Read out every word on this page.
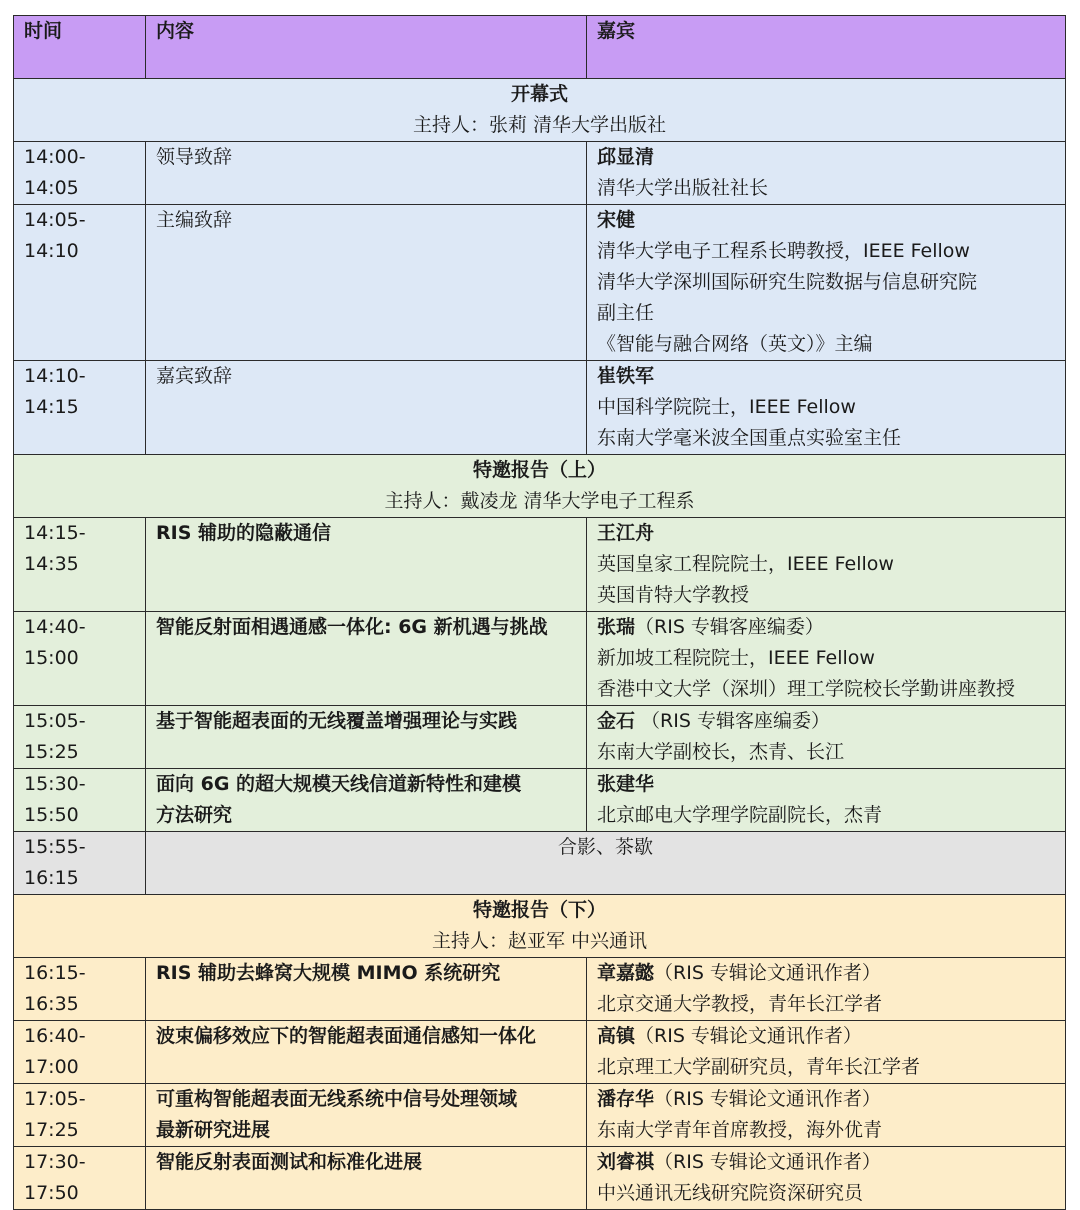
时间	内容	嘉宾

开幕式
主持人：张莉 清华大学出版社		

14:00-14:05	领导致辞	邱显清
清华大学出版社社长

14:05-14:10	主编致辞	宋健
清华大学电子工程系长聘教授，IEEE Fellow
清华大学深圳国际研究生院数据与信息研究院
副主任
《智能与融合网络（英文）》主编

14:10-14:15	嘉宾致辞	崔铁军
中国科学院院士，IEEE Fellow
东南大学毫米波全国重点实验室主任

特邀报告（上）
主持人：戴凌龙 清华大学电子工程系		

14:15-14:35	RIS 辅助的隐蔽通信	王江舟
英国皇家工程院院士，IEEE Fellow
英国肯特大学教授

14:40-15:00	智能反射面相遇通感一体化: 6G 新机遇与挑战	张瑞（RIS 专辑客座编委）
新加坡工程院院士，IEEE Fellow
香港中文大学（深圳）理工学院校长学勤讲座教授

15:05-15:25	基于智能超表面的无线覆盖增强理论与实践	金石 （RIS 专辑客座编委）
东南大学副校长，杰青、长江

15:30-15:50	面向 6G 的超大规模天线信道新特性和建模
方法研究	张建华
北京邮电大学理学院副院长，杰青

15:55-16:15	合影、茶歇	

特邀报告（下）
主持人：赵亚军 中兴通讯		

16:15-16:35	RIS 辅助去蜂窝大规模 MIMO 系统研究	章嘉懿（RIS 专辑论文通讯作者）
北京交通大学教授，青年长江学者

16:40-17:00	波束偏移效应下的智能超表面通信感知一体化	高镇（RIS 专辑论文通讯作者）
北京理工大学副研究员，青年长江学者

17:05-17:25	可重构智能超表面无线系统中信号处理领域
最新研究进展	潘存华（RIS 专辑论文通讯作者）
东南大学青年首席教授，海外优青

17:30-17:50	智能反射表面测试和标准化进展	刘睿祺（RIS 专辑论文通讯作者）
中兴通讯无线研究院资深研究员
